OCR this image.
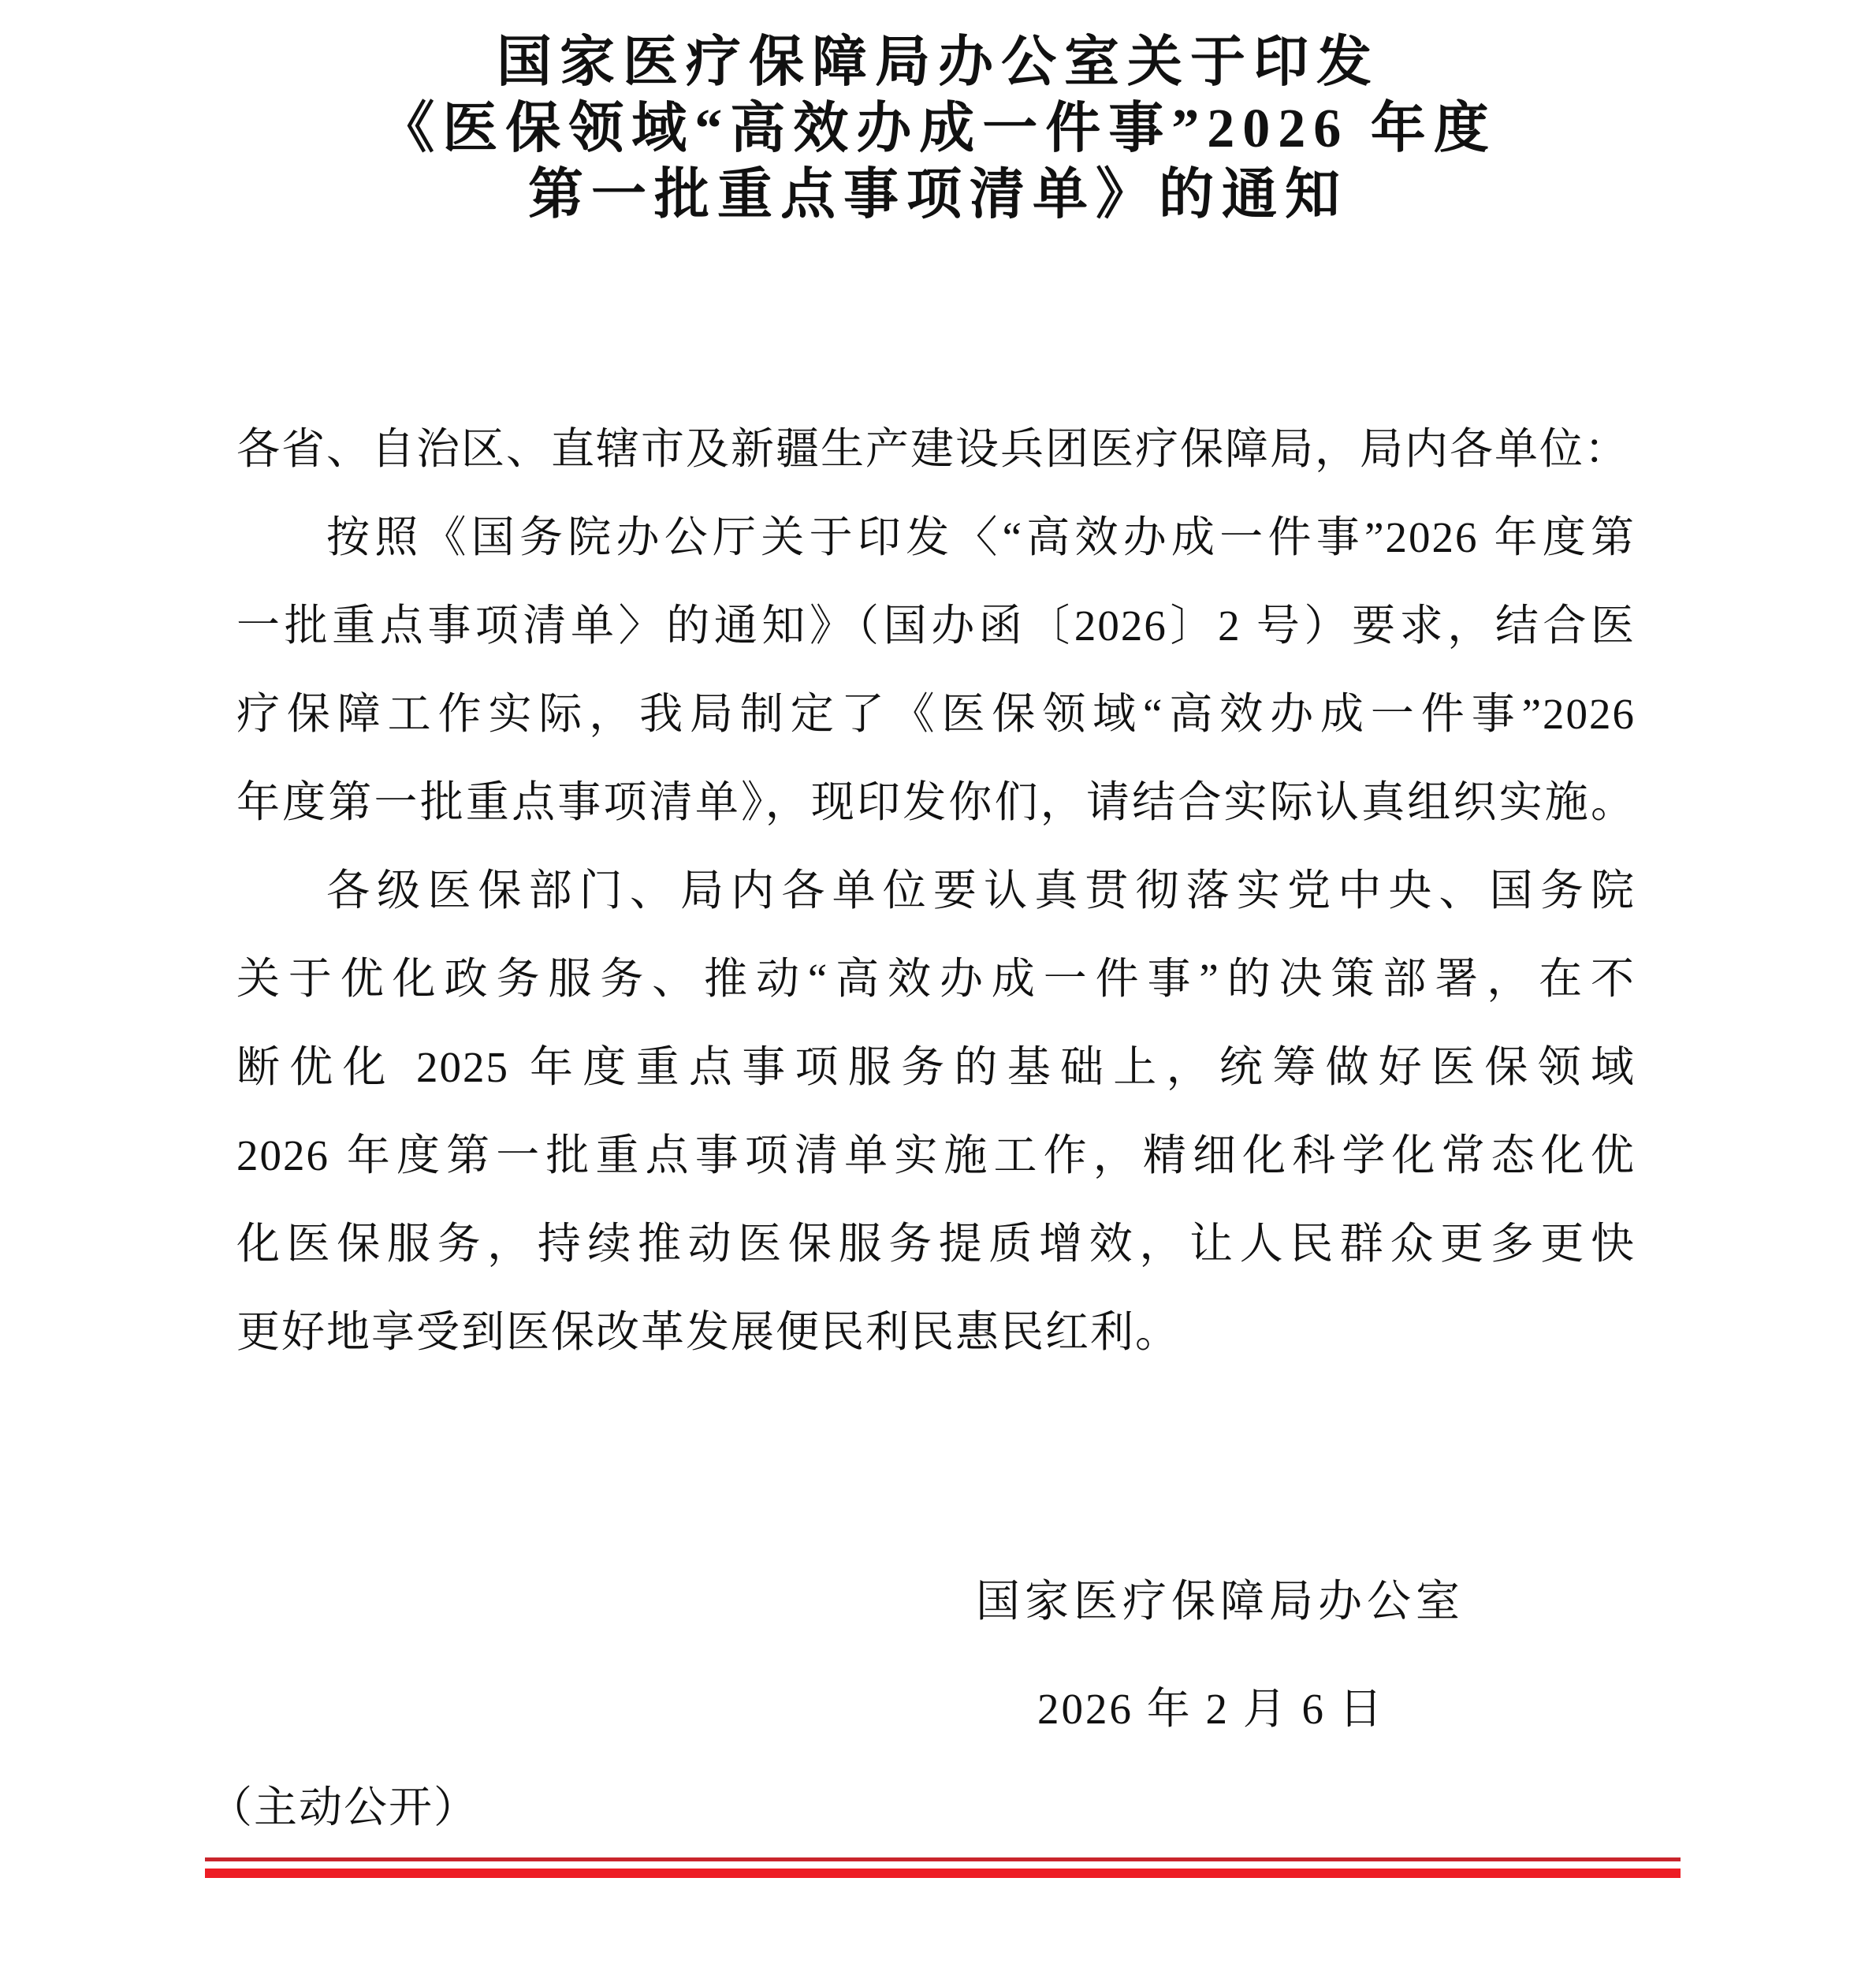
国家医疗保障局办公室关于印发
《医保领域“高效办成一件事”2026 年度
第一批重点事项清单》的通知
各省、自治区、直辖市及新疆生产建设兵团医疗保障局，局内各单位：
按照《国务院办公厅关于印发〈“高效办成一件事”2026 年度第
一批重点事项清单〉的通知》（国办函〔2026〕2 号）要求，结合医
疗保障工作实际，我局制定了《医保领域“高效办成一件事”2026
年度第一批重点事项清单》，现印发你们，请结合实际认真组织实施。
各级医保部门、局内各单位要认真贯彻落实党中央、国务院
关于优化政务服务、推动“高效办成一件事”的决策部署，在不
断优化 2025 年度重点事项服务的基础上，统筹做好医保领域
2026 年度第一批重点事项清单实施工作，精细化科学化常态化优
化医保服务，持续推动医保服务提质增效，让人民群众更多更快
更好地享受到医保改革发展便民利民惠民红利。
国家医疗保障局办公室
2026 年 2 月 6 日
（主动公开）
